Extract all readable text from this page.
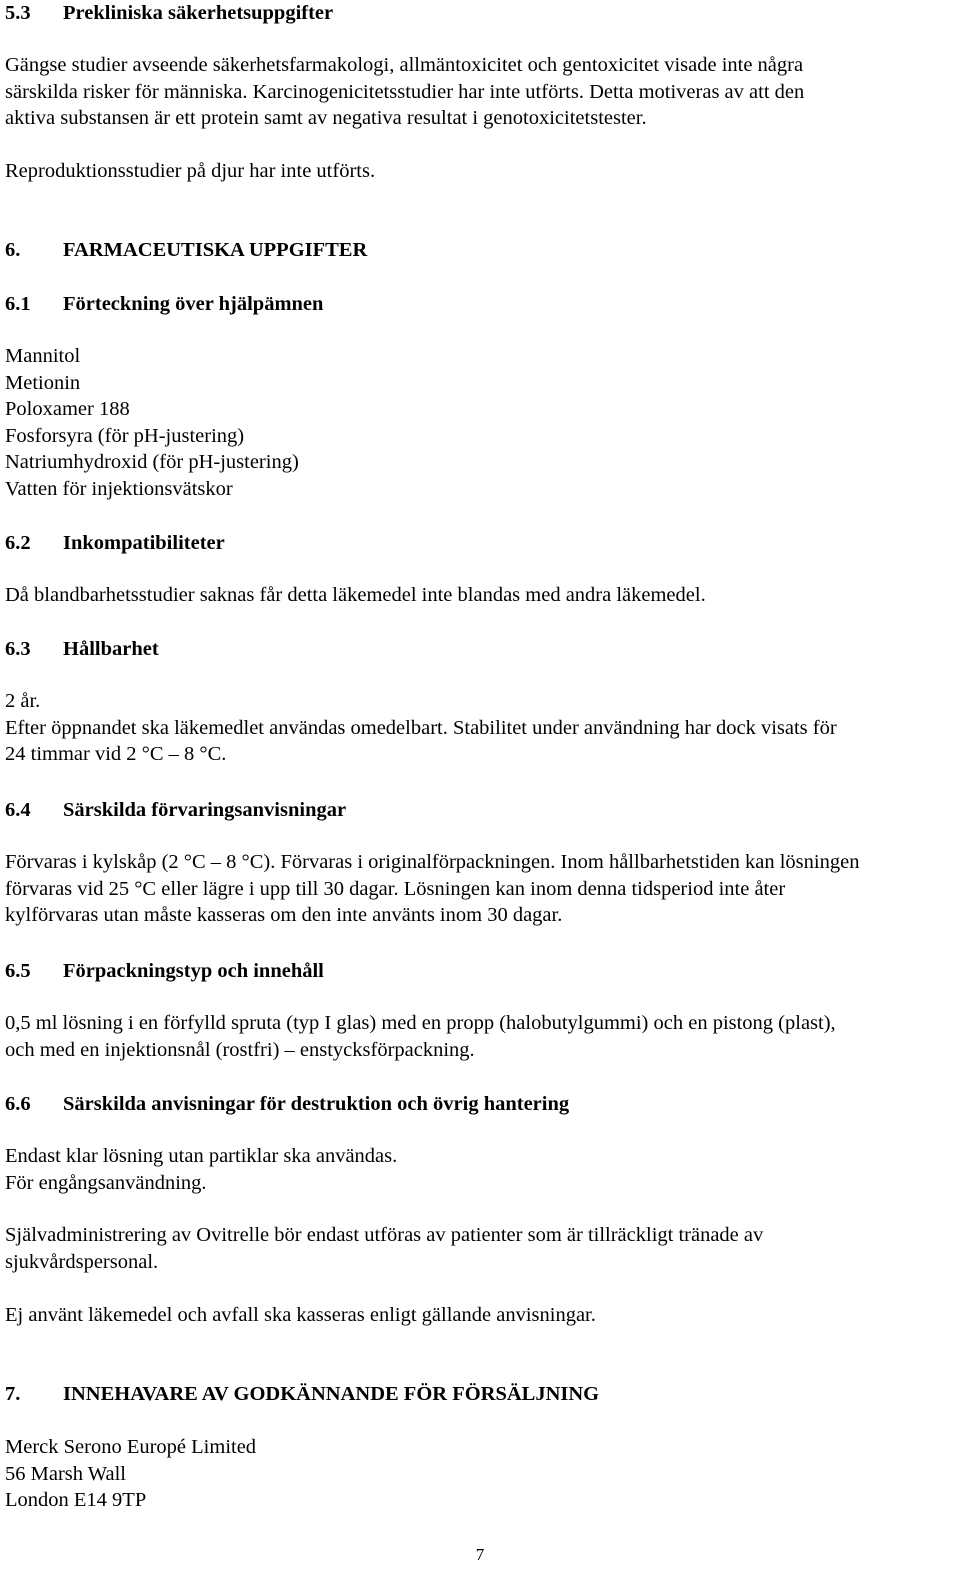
5.3 Prekliniska säkerhetsuppgifter
Gängse studier avseende säkerhetsfarmakologi, allmäntoxicitet och gentoxicitet visade inte några
särskilda risker för människa. Karcinogenicitetsstudier har inte utförts. Detta motiveras av att den
aktiva substansen är ett protein samt av negativa resultat i genotoxicitetstester.
Reproduktionsstudier på djur har inte utförts.
6. FARMACEUTISKA UPPGIFTER
6.1 Förteckning över hjälpämnen
Mannitol
Metionin
Poloxamer 188
Fosforsyra (för pH-justering)
Natriumhydroxid (för pH-justering)
Vatten för injektionsvätskor
6.2 Inkompatibiliteter
Då blandbarhetsstudier saknas får detta läkemedel inte blandas med andra läkemedel.
6.3 Hållbarhet
2 år.
Efter öppnandet ska läkemedlet användas omedelbart. Stabilitet under användning har dock visats för
24 timmar vid 2 °C – 8 °C.
6.4 Särskilda förvaringsanvisningar
Förvaras i kylskåp (2 °C – 8 °C). Förvaras i originalförpackningen. Inom hållbarhetstiden kan lösningen
förvaras vid 25 °C eller lägre i upp till 30 dagar. Lösningen kan inom denna tidsperiod inte åter
kylförvaras utan måste kasseras om den inte använts inom 30 dagar.
6.5 Förpackningstyp och innehåll
0,5 ml lösning i en förfylld spruta (typ I glas) med en propp (halobutylgummi) och en pistong (plast),
och med en injektionsnål (rostfri) – enstycksförpackning.
6.6 Särskilda anvisningar för destruktion och övrig hantering
Endast klar lösning utan partiklar ska användas.
För engångsanvändning.
Självadministrering av Ovitrelle bör endast utföras av patienter som är tillräckligt tränade av
sjukvårdspersonal.
Ej använt läkemedel och avfall ska kasseras enligt gällande anvisningar.
7. INNEHAVARE AV GODKÄNNANDE FÖR FÖRSÄLJNING
Merck Serono Europé Limited
56 Marsh Wall
London E14 9TP
7
